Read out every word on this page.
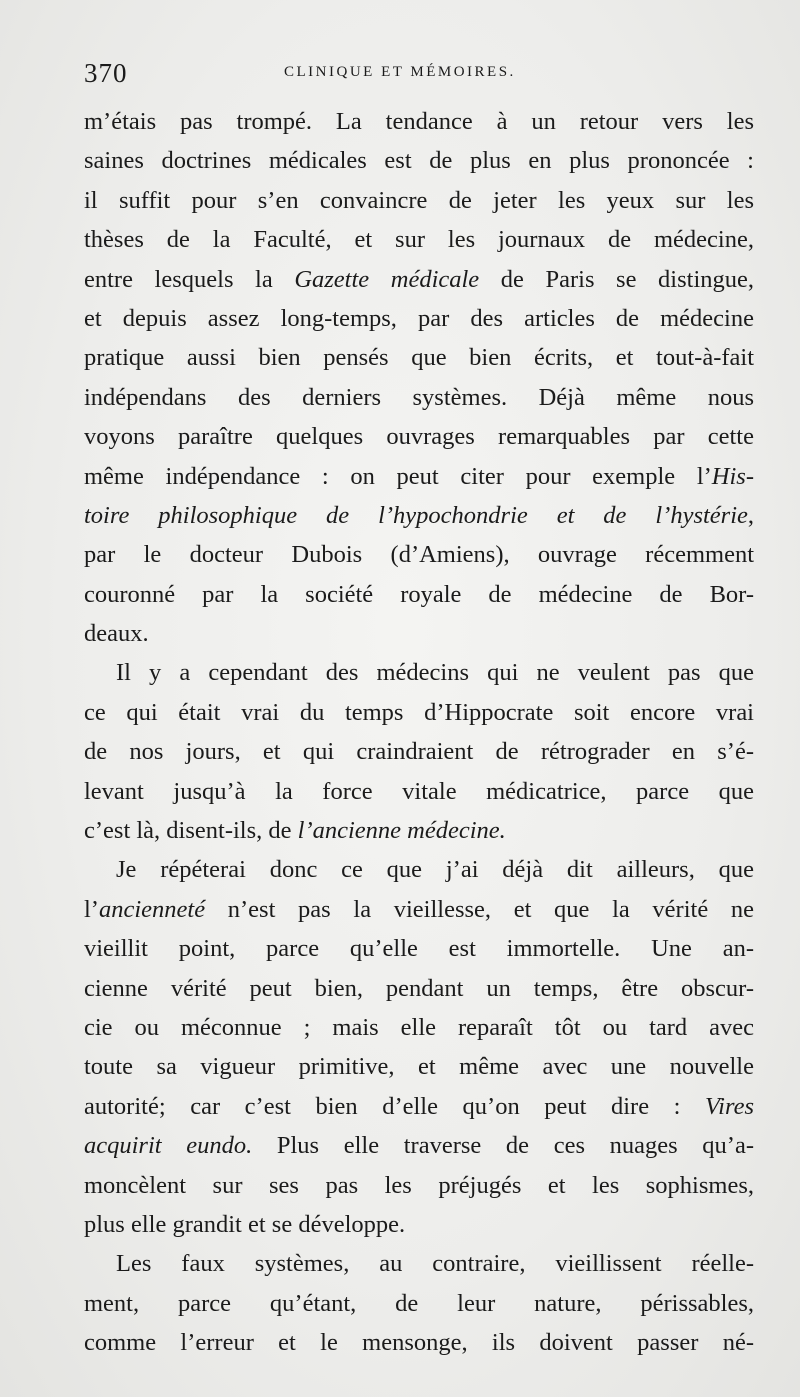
370	CLINIQUE ET MÉMOIRES.
m’étais pas trompé. La tendance à un retour vers les
saines doctrines médicales est de plus en plus prononcée :
il suffit pour s’en convaincre de jeter les yeux sur les
thèses de la Faculté, et sur les journaux de médecine,
entre lesquels la Gazette médicale de Paris se distingue,
et depuis assez long-temps, par des articles de médecine
pratique aussi bien pensés que bien écrits, et tout-à-fait
indépendans des derniers systèmes. Déjà même nous
voyons paraître quelques ouvrages remarquables par cette
même indépendance : on peut citer pour exemple l’His-
toire philosophique de l’hypochondrie et de l’hystérie,
par le docteur Dubois (d’Amiens), ouvrage récemment
couronné par la société royale de médecine de Bor-
deaux.
Il y a cependant des médecins qui ne veulent pas que
ce qui était vrai du temps d’Hippocrate soit encore vrai
de nos jours, et qui craindraient de rétrograder en s’é-
levant jusqu’à la force vitale médicatrice, parce que
c’est là, disent-ils, de l’ancienne médecine.
Je répéterai donc ce que j’ai déjà dit ailleurs, que
l’ancienneté n’est pas la vieillesse, et que la vérité ne
vieillit point, parce qu’elle est immortelle. Une an-
cienne vérité peut bien, pendant un temps, être obscur-
cie ou méconnue ; mais elle reparaît tôt ou tard avec
toute sa vigueur primitive, et même avec une nouvelle
autorité; car c’est bien d’elle qu’on peut dire : Vires
acquirit eundo. Plus elle traverse de ces nuages qu’a-
moncèlent sur ses pas les préjugés et les sophismes,
plus elle grandit et se développe.
Les faux systèmes, au contraire, vieillissent réelle-
ment, parce qu’étant, de leur nature, périssables,
comme l’erreur et le mensonge, ils doivent passer né-
